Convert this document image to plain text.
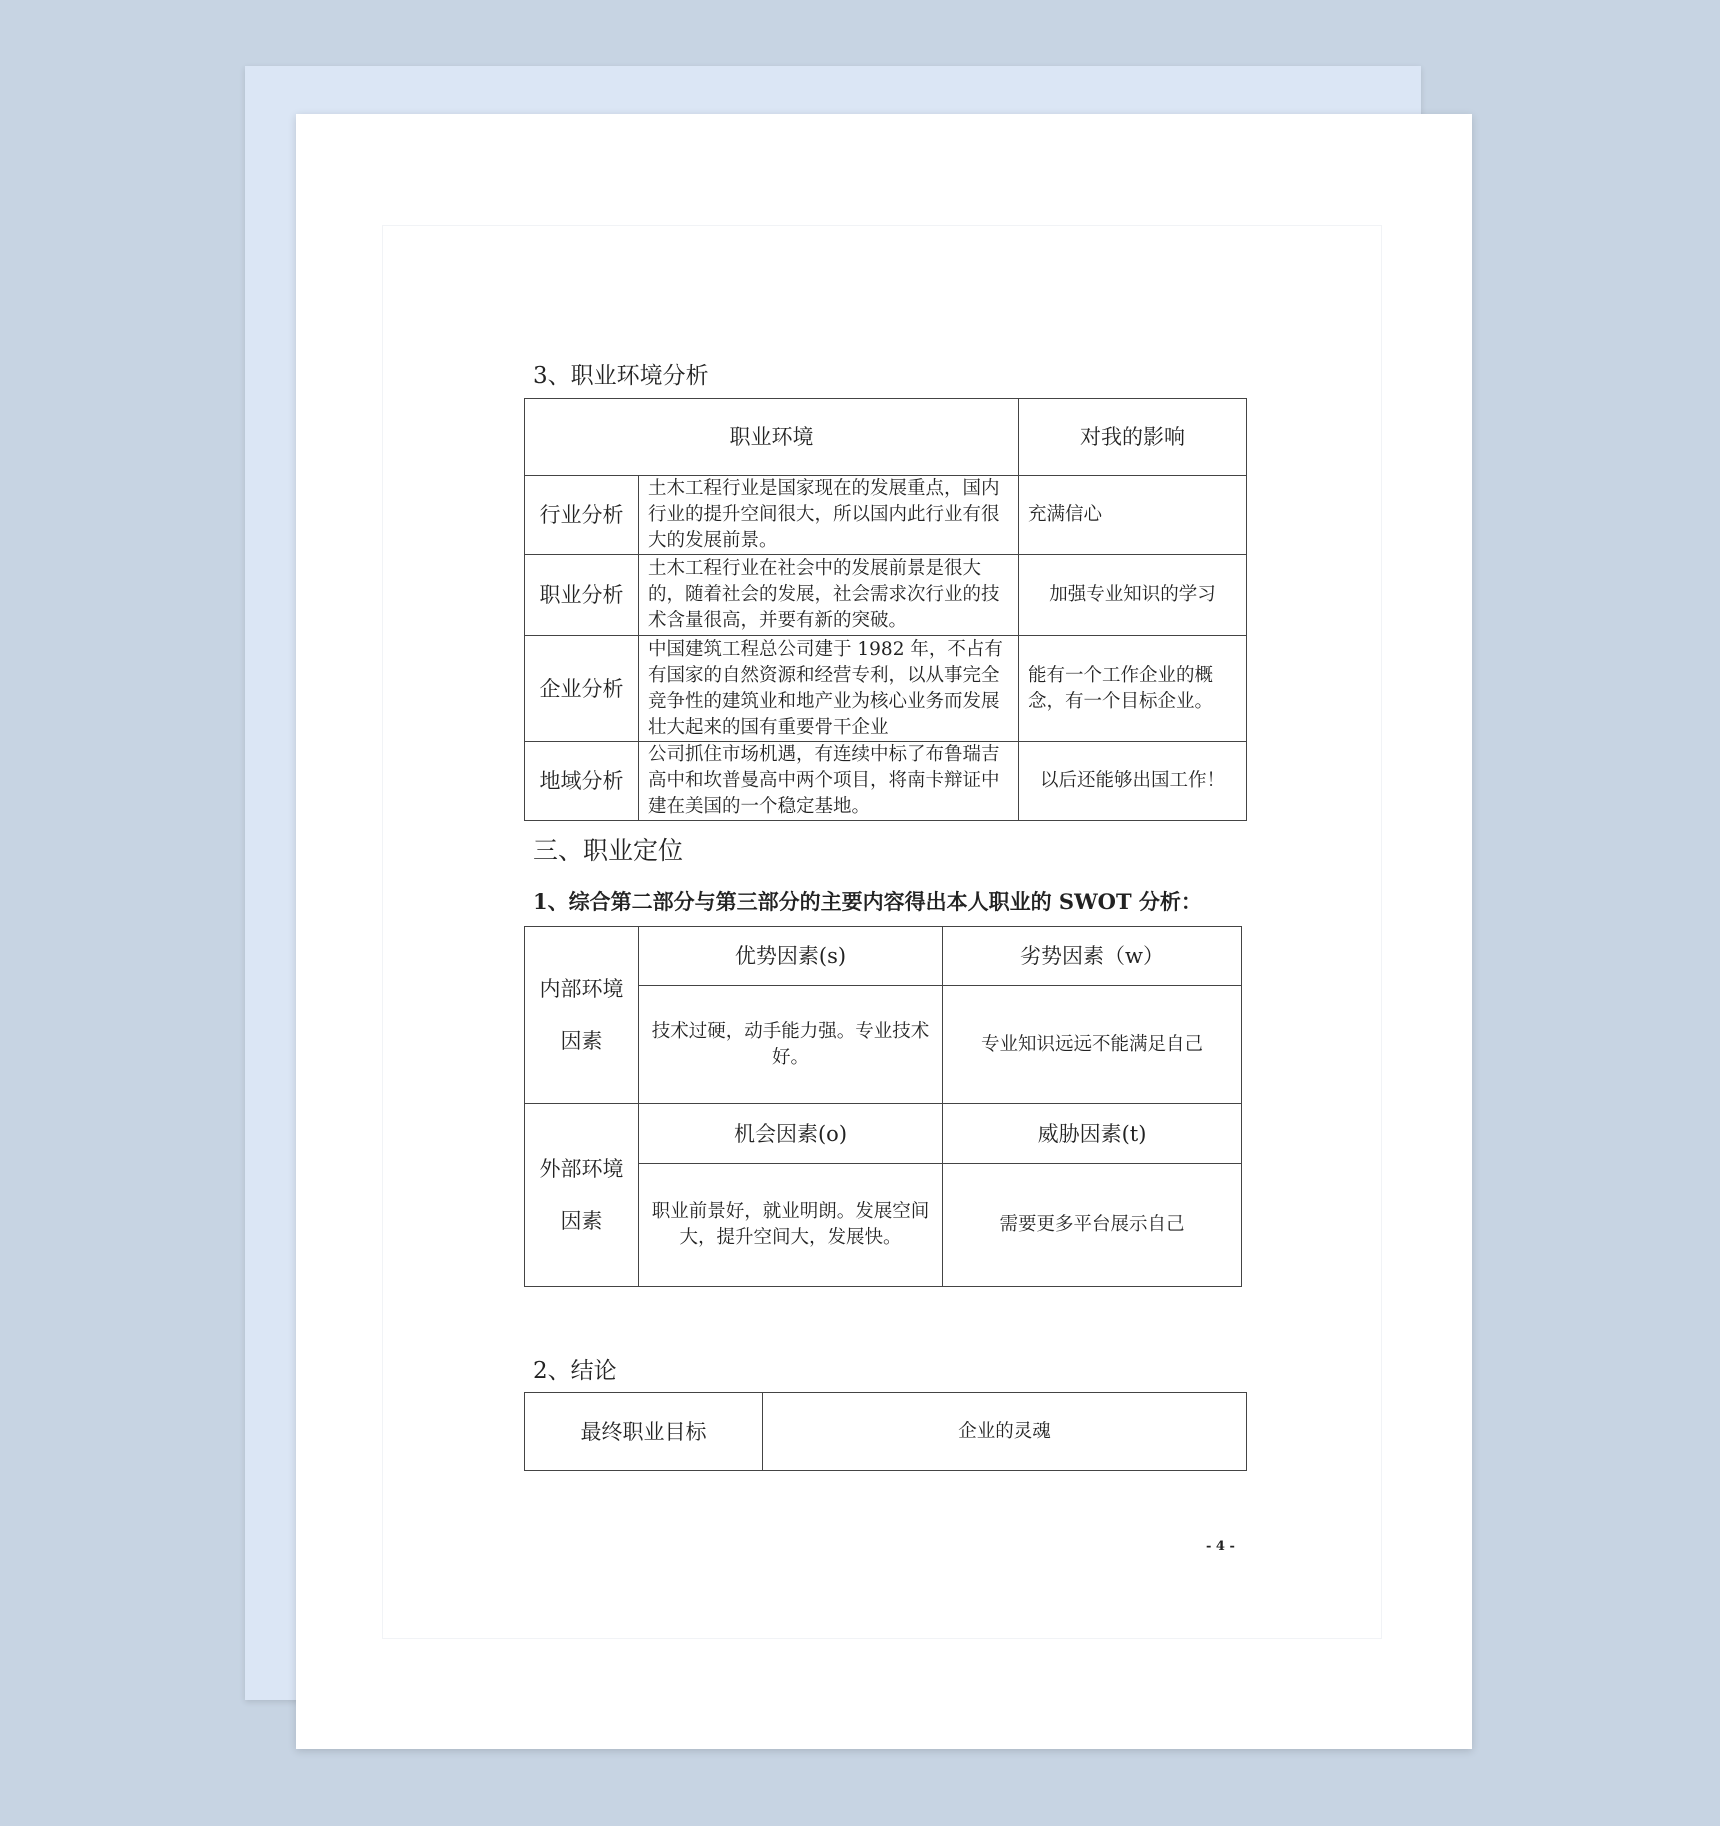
3、职业环境分析
职业环境		对我的影响
行业分析	土木工程行业是国家现在的发展重点，国内行业的提升空间很大，所以国内此行业有很大的发展前景。	充满信心
职业分析	土木工程行业在社会中的发展前景是很大的，随着社会的发展，社会需求次行业的技术含量很高，并要有新的突破。	加强专业知识的学习
企业分析	中国建筑工程总公司建于 1982 年，不占有有国家的自然资源和经营专利，以从事完全竞争性的建筑业和地产业为核心业务而发展壮大起来的国有重要骨干企业	能有一个工作企业的概念，有一个目标企业。
地域分析	公司抓住市场机遇，有连续中标了布鲁瑞吉高中和坎普曼高中两个项目，将南卡辩证中建在美国的一个稳定基地。	以后还能够出国工作！
三、职业定位
1、综合第二部分与第三部分的主要内容得出本人职业的 SWOT 分析：
内部环境因素	优势因素(s)	劣势因素（w）
	技术过硬，动手能力强。专业技术好。	专业知识远远不能满足自己
外部环境因素	机会因素(o)	威胁因素(t)
	职业前景好，就业明朗。发展空间大，提升空间大，发展快。	需要更多平台展示自己
2、结论
最终职业目标	企业的灵魂
- 4 -
